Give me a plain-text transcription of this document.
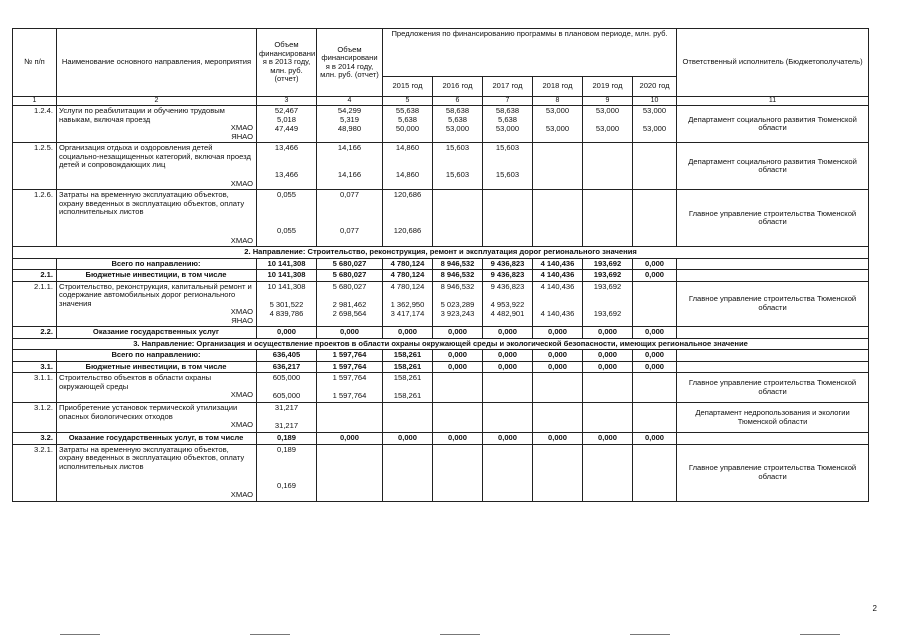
№ п/п	Наименование основного направления, мероприятия	Объем финансировани я в 2013 году, млн. руб. (отчет)	Объем финансировани я в 2014 году, млн. руб. (отчет)	Предложения по финансированию программы в плановом периоде, млн. руб.						Ответственный исполнитель (Бюджетополучатель)
				2015 год	2016 год	2017 год	2018 год	2019 год	2020 год	
1	2	3	4	5	6	7	8	9	10	11
1.2.4.	Услуги по реабилитации и обучению трудовым навыкам, включая проезд
ХМАО
ЯНАО	52,467
5,018
47,449	54,299
5,319
48,980	55,638
5,638
50,000	58,638
5,638
53,000	58,638
5,638
53,000	53,000
53,000	53,000
53,000	53,000
53,000	Департамент социального развития Тюменской области
1.2.5.	Организация отдыха и оздоровления детей социально-незащищенных категорий, включая проезд детей и сопровождающих лиц
ХМАО	13,466
13,466	14,166
14,166	14,860
14,860	15,603
15,603	15,603
15,603				Департамент социального развития Тюменской области
1.2.6.	Затраты на временную эксплуатацию объектов, охрану введенных в эксплуатацию объектов, оплату исполнительных листов
ХМАО	0,055
0,055	0,077
0,077	120,686
120,686						Главное управление строительства Тюменской области
2. Направление: Строительство, реконструкция, ремонт и эксплуатация дорог регионального значения										
	Всего по направлению:	10 141,308	5 680,027	4 780,124	8 946,532	9 436,823	4 140,436	193,692	0,000	
2.1.	Бюджетные инвестиции, в том числе	10 141,308	5 680,027	4 780,124	8 946,532	9 436,823	4 140,436	193,692	0,000	
2.1.1.	Строительство, реконструкция, капитальный ремонт и содержание автомобильных дорог регионального значения
ХМАО
ЯНАО	10 141,308
5 301,522
4 839,786	5 680,027
2 981,462
2 698,564	4 780,124
1 362,950
3 417,174	8 946,532
5 023,289
3 923,243	9 436,823
4 953,922
4 482,901	4 140,436
4 140,436	193,692
193,692		Главное управление строительства Тюменской области
2.2.	Оказание государственных услуг	0,000	0,000	0,000	0,000	0,000	0,000	0,000	0,000	
3. Направление: Организация и осуществление проектов в области охраны окружающей среды и экологической безопасности, имеющих региональное значение										
	Всего по направлению:	636,405	1 597,764	158,261	0,000	0,000	0,000	0,000	0,000	
3.1.	Бюджетные инвестиции, в том числе	636,217	1 597,764	158,261	0,000	0,000	0,000	0,000	0,000	
3.1.1.	Строительство объектов в области охраны окружающей среды
ХМАО	605,000
605,000	1 597,764
1 597,764	158,261
158,261						Главное управление строительства Тюменской области
3.1.2.	Приобретение установок термической утилизации опасных биологических отходов
ХМАО	31,217
31,217								Департамент недропользования и экологии Тюменской области
3.2.	Оказание государственных услуг, в том числе	0,189	0,000	0,000	0,000	0,000	0,000	0,000	0,000	
3.2.1.	Затраты на временную эксплуатацию объектов, охрану введенных в эксплуатацию объектов, оплату исполнительных листов
ХМАО	0,189
0,169								Главное управление строительства Тюменской области
2
